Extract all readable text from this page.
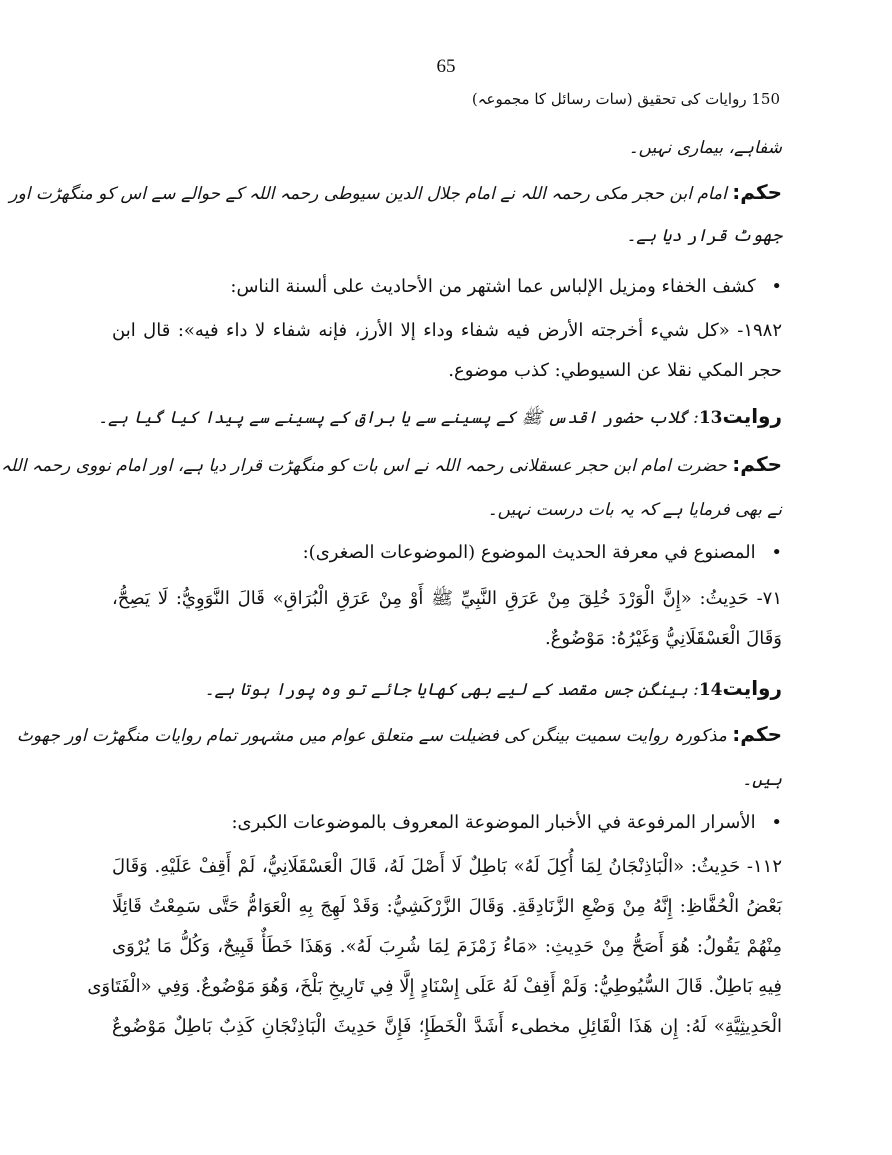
65
150 روایات کی تحقیق (سات رسائل کا مجموعہ)
شفاہے، بیماری نہیں۔
حکم: امام ابن حجر مکی رحمہ اللہ نے امام جلال الدین سیوطی رحمہ اللہ کے حوالے سے اس کو منگھڑت اور
جھوٹ قرار دیا ہے۔
• كشف الخفاء ومزيل الإلباس عما اشتهر من الأحاديث على ألسنة الناس:
١٩٨٢- «كل شيء أخرجته الأرض فيه شفاء وداء إلا الأرز، فإنه شفاء لا داء فيه»: قال ابن
حجر المكي نقلا عن السيوطي: كذب موضوع.
روایت13: گلاب حضور اقدس ﷺ کے پسینے سے یا براق کے پسینے سے پیدا کیا گیا ہے۔
حکم: حضرت امام ابن حجر عسقلانی رحمہ اللہ نے اس بات کو منگھڑت قرار دیا ہے، اور امام نووی رحمہ اللہ
نے بھی فرمایا ہے کہ یہ بات درست نہیں۔
• المصنوع في معرفة الحديث الموضوع (الموضوعات الصغرى):
٧١- حَدِيثُ: «إِنَّ الْوَرْدَ خُلِقَ مِنْ عَرَقِ النَّبِيِّ ﷺ أَوْ مِنْ عَرَقِ الْبُرَاقِ» قَالَ النَّوَوِيُّ: لَا يَصِحُّ،
وَقَالَ الْعَسْقَلَانِيُّ وَغَيْرُهُ: مَوْضُوعٌ.
روایت14: بینگن جس مقصد کے لیے بھی کھایا جائے تو وہ پورا ہوتا ہے۔
حکم: مذکورہ روایت سمیت بینگن کی فضیلت سے متعلق عوام میں مشہور تمام روایات منگھڑت اور جھوٹ
ہیں۔
• الأسرار المرفوعة في الأخبار الموضوعة المعروف بالموضوعات الكبرى:
١١٢- حَدِيثُ: «الْبَاذِنْجَانُ لِمَا أُكِلَ لَهُ» بَاطِلٌ لَا أَصْلَ لَهُ، قَالَ الْعَسْقَلَانِيُّ، لَمْ أَقِفْ عَلَيْهِ. وَقَالَ
بَعْضُ الْحُفَّاظِ: إِنَّهُ مِنْ وَضْعِ الزَّنَادِقَةِ. وَقَالَ الزَّرْكَشِيُّ: وَقَدْ لَهِجَ بِهِ الْعَوَامُّ حَتَّى سَمِعْتُ قَائِلًا
مِنْهُمْ يَقُولُ: هُوَ أَصَحُّ مِنْ حَدِيثِ: «مَاءُ زَمْزَمَ لِمَا شُرِبَ لَهُ». وَهَذَا خَطَأٌ قَبِيحٌ، وَكُلُّ مَا يُرْوَى
فِيهِ بَاطِلٌ. قَالَ السُّيُوطِيُّ: وَلَمْ أَقِفْ لَهُ عَلَى إِسْنَادٍ إِلَّا فِي تَارِيخِ بَلْخَ، وَهُوَ مَوْضُوعٌ. وَفِي «الْفَتَاوَى
الْحَدِيثِيَّةِ» لَهُ: إِن هَذَا الْقَائِلِ مخطىء أَشَدَّ الْخَطَإِ؛ فَإِنَّ حَدِيثَ الْبَاذِنْجَانِ كَذِبٌ بَاطِلٌ مَوْضُوعٌ
